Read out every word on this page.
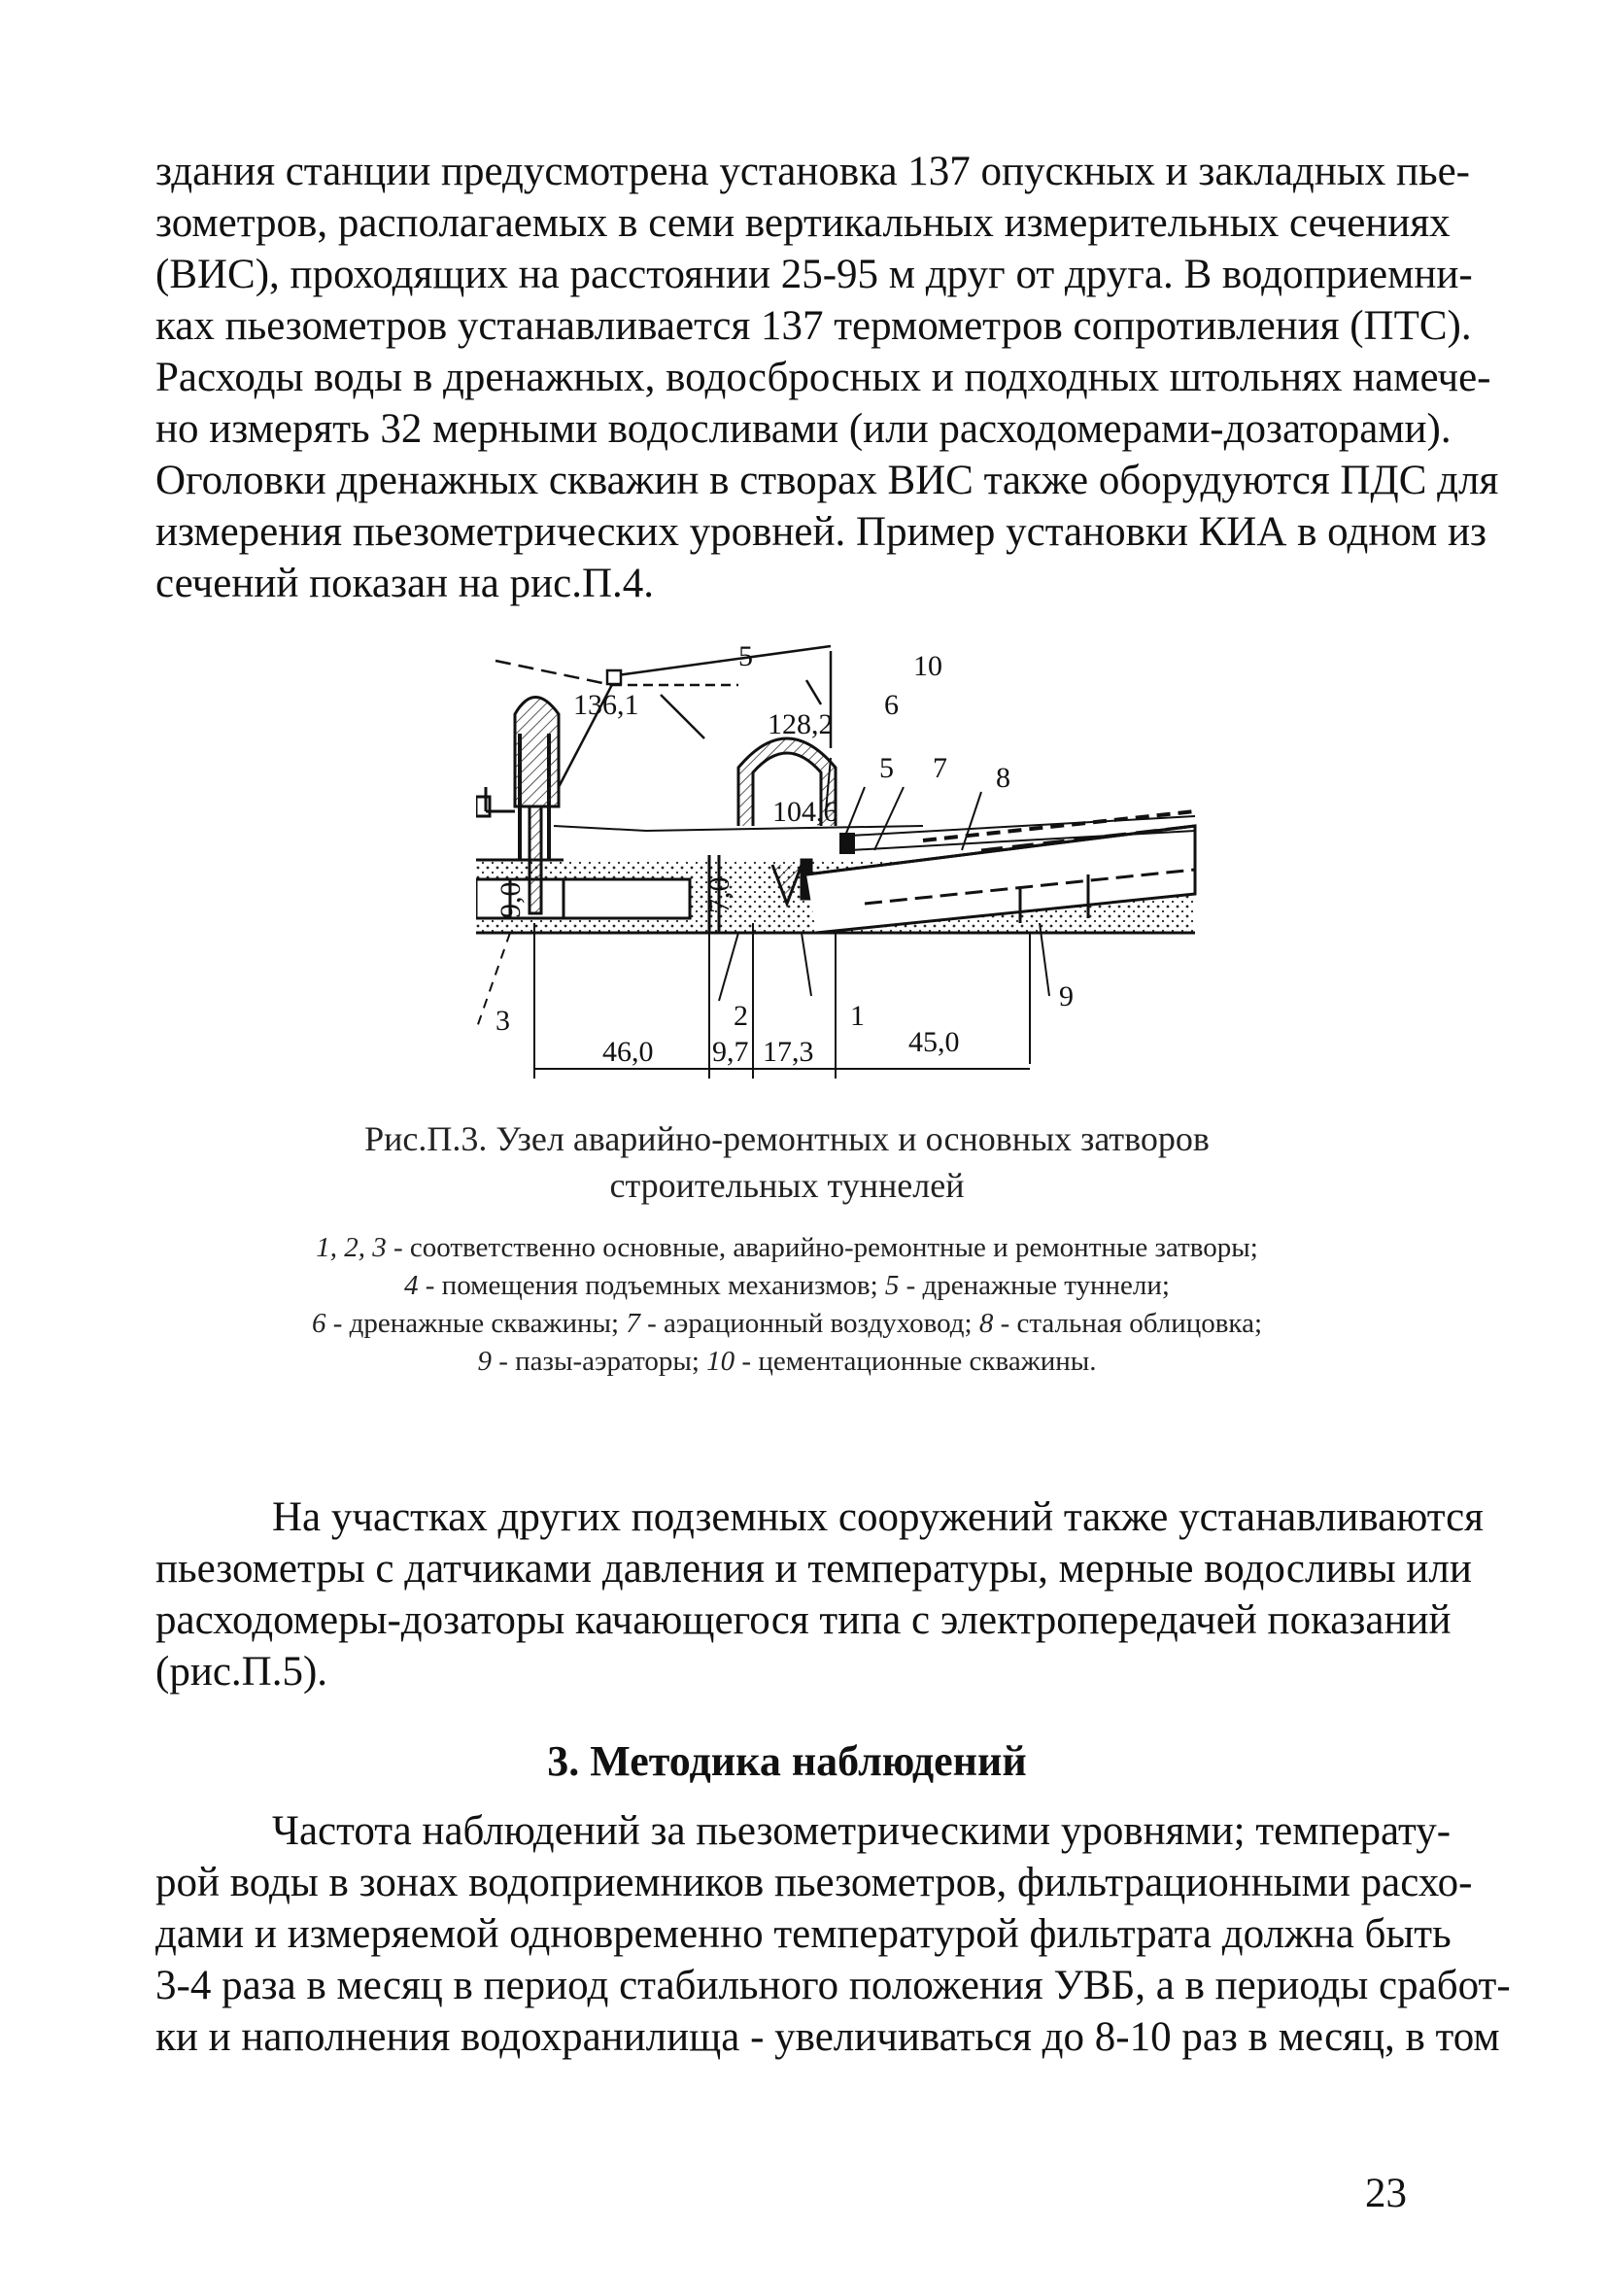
здания станции предусмотрена установка 137 опускных и закладных пье-
зометров, располагаемых в семи вертикальных измерительных сечениях
(ВИС), проходящих на расстоянии 25-95 м друг от друга. В водоприемни-
ках пьезометров устанавливается 137 термометров сопротивления (ПТС).
Расходы воды в дренажных, водосбросных и подходных штольнях намече-
но измерять 32 мерными водосливами (или расходомерами-дозаторами).
Оголовки дренажных скважин в створах ВИС также оборудуются ПДС для
измерения пьезометрических уровней. Пример установки КИА в одном из
сечений показан на рис.П.4.

1
2
3
5
5
6
7 8
9
10
136,1
128,2
104,6
9,0	7,0
46,0 9,7 17,3	45,0
Рис.П.3. Узел аварийно-ремонтных и основных затворов
строительных туннелей
1, 2, 3 - соответственно основные, аварийно-ремонтные и ремонтные затворы;
4 - помещения подъемных механизмов; 5 - дренажные туннели;
6 - дренажные скважины; 7 - аэрационный воздуховод; 8 - стальная облицовка;
9 - пазы-аэраторы; 10 - цементационные скважины.

На участках других подземных сооружений также устанавливаются
пьезометры с датчиками давления и температуры, мерные водосливы или
расходомеры-дозаторы качающегося типа с электропередачей показаний
(рис.П.5).

3. Методика наблюдений

Частота наблюдений за пьезометрическими уровнями; температу-
рой воды в зонах водоприемников пьезометров, фильтрационными расхо-
дами и измеряемой одновременно температурой фильтрата должна быть
3-4 раза в месяц в период стабильного положения УВБ, а в периоды сработ-
ки и наполнения водохранилища - увеличиваться до 8-10 раз в месяц, в том

23
